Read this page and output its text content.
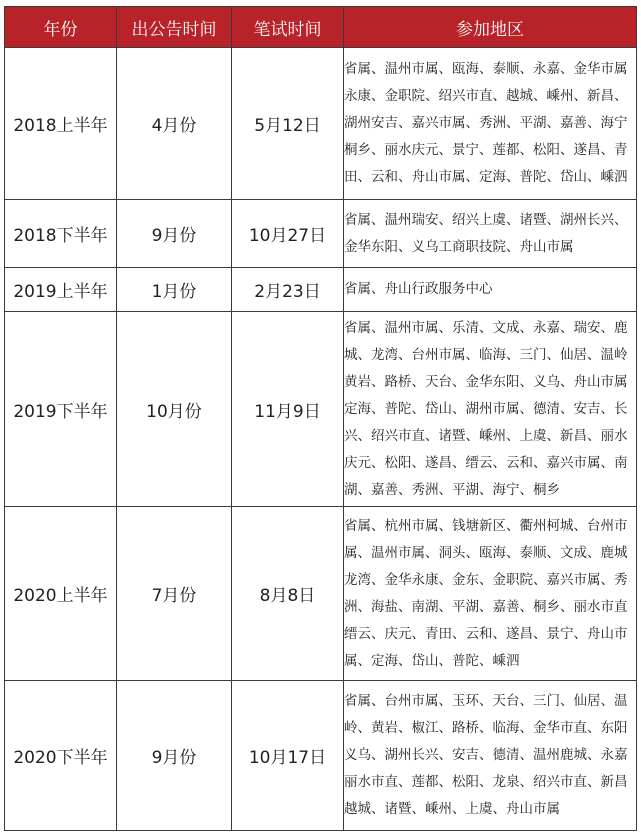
年份	出公告时间	笔试时间	参加地区
2018上半年	4月份	5月12日	省属、温州市属、瓯海、泰顺、永嘉、金华市属永康、金职院、绍兴市直、越城、嵊州、新昌、湖州安吉、嘉兴市属、秀洲、平湖、嘉善、海宁桐乡、丽水庆元、景宁、莲都、松阳、遂昌、青田、云和、舟山市属、定海、普陀、岱山、嵊泗
2018下半年	9月份	10月27日	省属、温州瑞安、绍兴上虞、诸暨、湖州长兴、金华东阳、义乌工商职技院、舟山市属
2019上半年	1月份	2月23日	省属、舟山行政服务中心
2019下半年	10月份	11月9日	省属、温州市属、乐清、文成、永嘉、瑞安、鹿城、龙湾、台州市属、临海、三门、仙居、温岭黄岩、路桥、天台、金华东阳、义乌、舟山市属定海、普陀、岱山、湖州市属、德清、安吉、长兴、绍兴市直、诸暨、嵊州、上虞、新昌、丽水庆元、松阳、遂昌、缙云、云和、嘉兴市属、南湖、嘉善、秀洲、平湖、海宁、桐乡
2020上半年	7月份	8月8日	省属、杭州市属、钱塘新区、衢州柯城、台州市属、温州市属、洞头、瓯海、泰顺、文成、鹿城龙湾、金华永康、金东、金职院、嘉兴市属、秀洲、海盐、南湖、平湖、嘉善、桐乡、丽水市直缙云、庆元、青田、云和、遂昌、景宁、舟山市属、定海、岱山、普陀、嵊泗
2020下半年	9月份	10月17日	省属、台州市属、玉环、天台、三门、仙居、温岭、黄岩、椒江、路桥、临海、金华市直、东阳义乌、湖州长兴、安吉、德清、温州鹿城、永嘉丽水市直、莲都、松阳、龙泉、绍兴市直、新昌越城、诸暨、嵊州、上虞、舟山市属
